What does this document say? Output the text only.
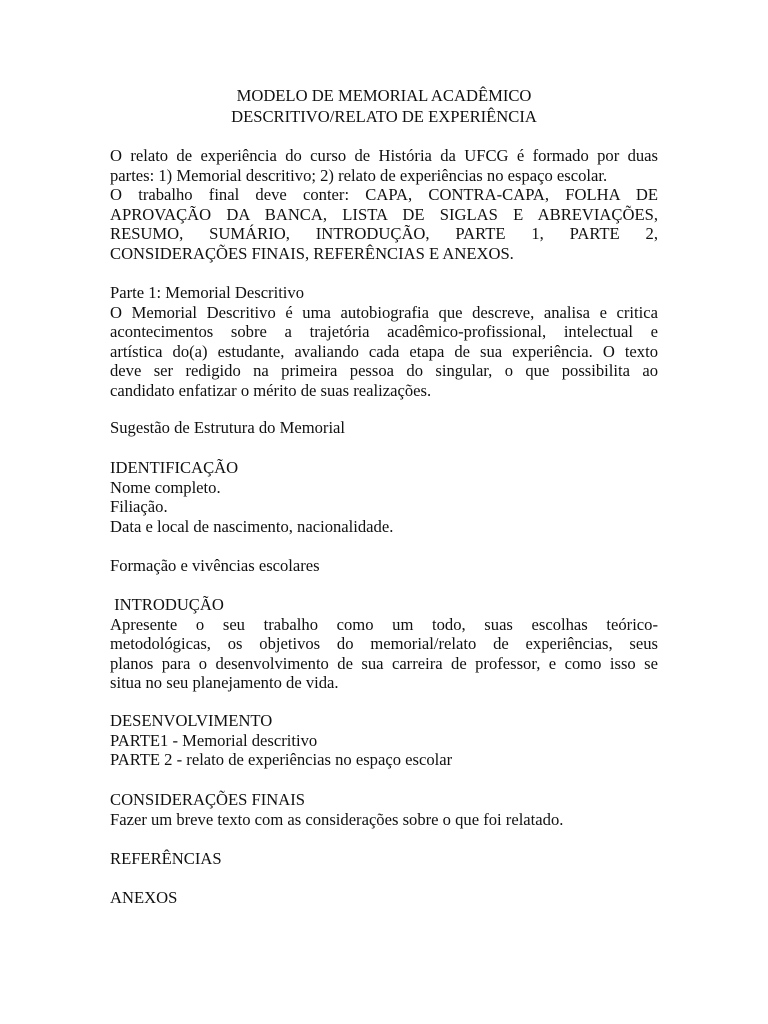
MODELO DE MEMORIAL ACADÊMICO
DESCRITIVO/RELATO DE EXPERIÊNCIA
O relato de experiência do curso de História da UFCG é formado por duas
partes: 1) Memorial descritivo; 2) relato de experiências no espaço escolar.
O trabalho final deve conter: CAPA, CONTRA-CAPA, FOLHA DE
APROVAÇÃO DA BANCA, LISTA DE SIGLAS E ABREVIAÇÕES,
RESUMO, SUMÁRIO, INTRODUÇÃO, PARTE 1, PARTE 2,
CONSIDERAÇÕES FINAIS, REFERÊNCIAS E ANEXOS.
Parte 1: Memorial Descritivo
O Memorial Descritivo é uma autobiografia que descreve, analisa e critica
acontecimentos sobre a trajetória acadêmico-profissional, intelectual e
artística do(a) estudante, avaliando cada etapa de sua experiência. O texto
deve ser redigido na primeira pessoa do singular, o que possibilita ao
candidato enfatizar o mérito de suas realizações.
Sugestão de Estrutura do Memorial
IDENTIFICAÇÃO
Nome completo.
Filiação.
Data e local de nascimento, nacionalidade.
Formação e vivências escolares
INTRODUÇÃO
Apresente o seu trabalho como um todo, suas escolhas teórico-
metodológicas, os objetivos do memorial/relato de experiências, seus
planos para o desenvolvimento de sua carreira de professor, e como isso se
situa no seu planejamento de vida.
DESENVOLVIMENTO
PARTE1 - Memorial descritivo
PARTE 2 - relato de experiências no espaço escolar
CONSIDERAÇÕES FINAIS
Fazer um breve texto com as considerações sobre o que foi relatado.
REFERÊNCIAS
ANEXOS
